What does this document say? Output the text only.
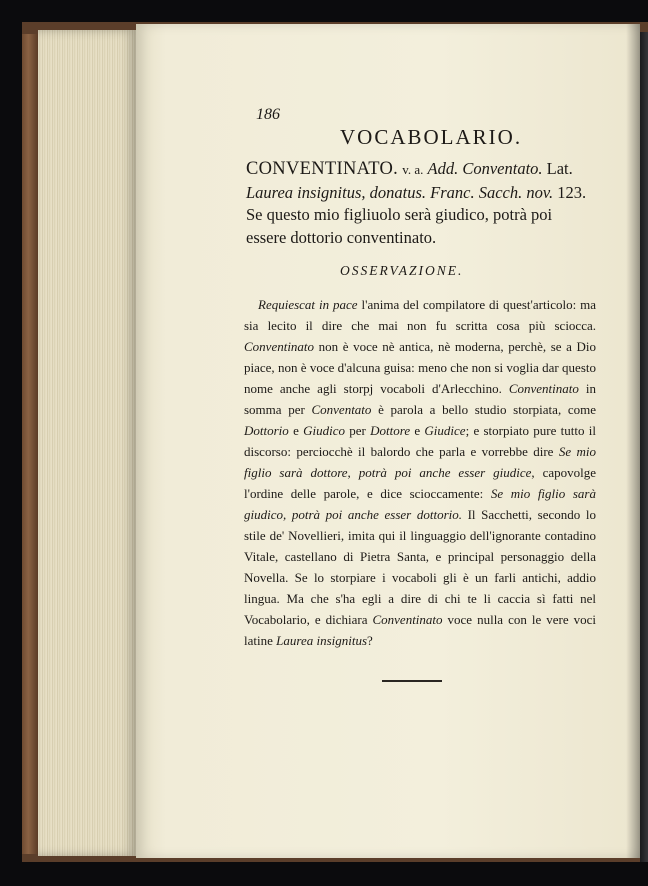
186
VOCABOLARIO.
CONVENTINATO. v. a. Add. Conventato. Lat. Laurea insignitus, donatus. Franc. Sacch. nov. 123. Se questo mio figliuolo serà giudico, potrà poi essere dottorio conventinato.
OSSERVAZIONE.

Requiescat in pace l'anima del compilatore di quest'articolo: ma sia lecito il dire che mai non fu scritta cosa più sciocca. Conventinato non è voce nè antica, nè moderna, perchè, se a Dio piace, non è voce d'alcuna guisa: meno che non si voglia dar questo nome anche agli storpj vocaboli d'Arlecchino. Conventinato in somma per Conventato è parola a bello studio storpiata, come Dottorio e Giudico per Dottore e Giudice; e storpiato pure tutto il discorso: perciocchè il balordo che parla e vorrebbe dire Se mio figlio sarà dottore, potrà poi anche esser giudice, capovolge l'ordine delle parole, e dice scioccamente: Se mio figlio sarà giudico, potrà poi anche esser dottorio. Il Sacchetti, secondo lo stile de' Novellieri, imita qui il linguaggio dell'ignorante contadino Vitale, castellano di Pietra Santa, e principal personaggio della Novella. Se lo storpiare i vocaboli gli è un farli antichi, addio lingua. Ma che s'ha egli a dire di chi te li caccia sì fatti nel Vocabolario, e dichiara Conventinato voce nulla con le vere voci latine Laurea insignitus?
